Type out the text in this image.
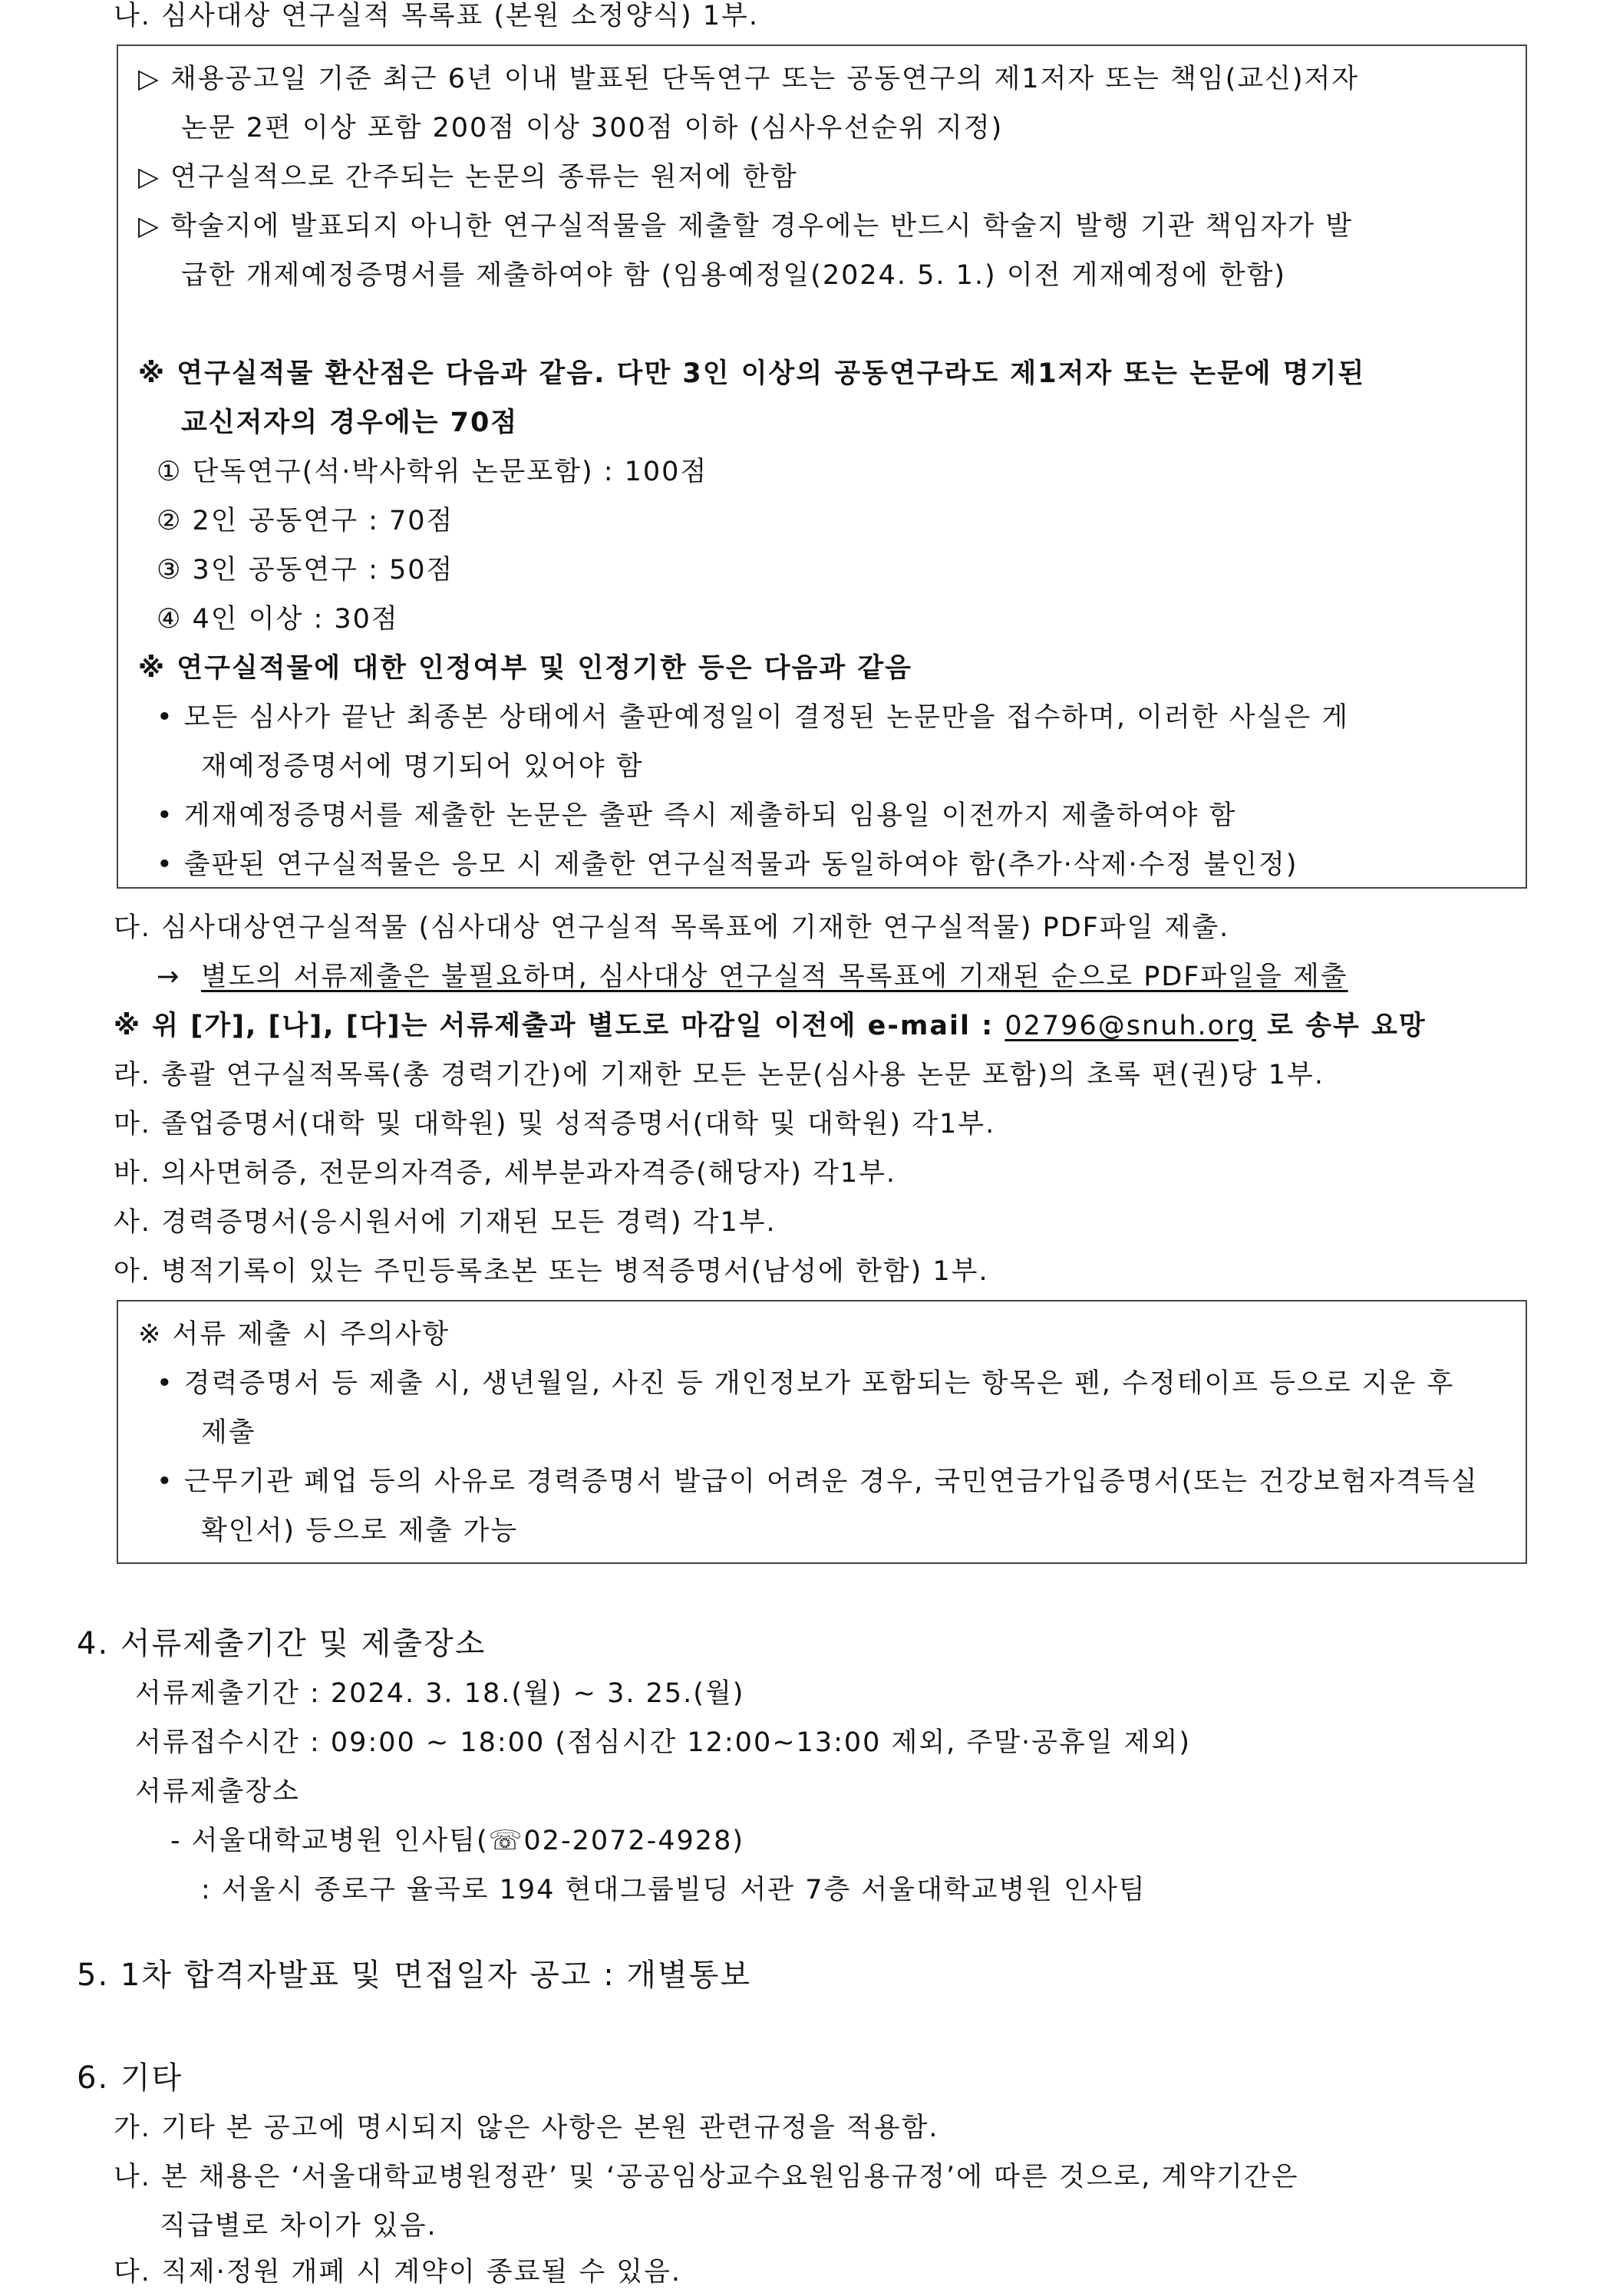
나. 심사대상 연구실적 목록표 (본원 소정양식) 1부.
▷ 채용공고일 기준 최근 6년 이내 발표된 단독연구 또는 공동연구의 제1저자 또는 책임(교신)저자
논문 2편 이상 포함 200점 이상 300점 이하 (심사우선순위 지정)
▷ 연구실적으로 간주되는 논문의 종류는 원저에 한함
▷ 학술지에 발표되지 아니한 연구실적물을 제출할 경우에는 반드시 학술지 발행 기관 책임자가 발
급한 개제예정증명서를 제출하여야 함 (임용예정일(2024. 5. 1.) 이전 게재예정에 한함)
※ 연구실적물 환산점은 다음과 같음. 다만 3인 이상의 공동연구라도 제1저자 또는 논문에 명기된
교신저자의 경우에는 70점
① 단독연구(석·박사학위 논문포함) : 100점
② 2인 공동연구 : 70점
③ 3인 공동연구 : 50점
④ 4인 이상 : 30점
※ 연구실적물에 대한 인정여부 및 인정기한 등은 다음과 같음
• 모든 심사가 끝난 최종본 상태에서 출판예정일이 결정된 논문만을 접수하며, 이러한 사실은 게
재예정증명서에 명기되어 있어야 함
• 게재예정증명서를 제출한 논문은 출판 즉시 제출하되 임용일 이전까지 제출하여야 함
• 출판된 연구실적물은 응모 시 제출한 연구실적물과 동일하여야 함(추가·삭제·수정 불인정)
다. 심사대상연구실적물 (심사대상 연구실적 목록표에 기재한 연구실적물) PDF파일 제출.
→ 별도의 서류제출은 불필요하며, 심사대상 연구실적 목록표에 기재된 순으로 PDF파일을 제출
※ 위 [가], [나], [다]는 서류제출과 별도로 마감일 이전에 e-mail : 02796@snuh.org 로 송부 요망
라. 총괄 연구실적목록(총 경력기간)에 기재한 모든 논문(심사용 논문 포함)의 초록 편(권)당 1부.
마. 졸업증명서(대학 및 대학원) 및 성적증명서(대학 및 대학원) 각1부.
바. 의사면허증, 전문의자격증, 세부분과자격증(해당자) 각1부.
사. 경력증명서(응시원서에 기재된 모든 경력) 각1부.
아. 병적기록이 있는 주민등록초본 또는 병적증명서(남성에 한함) 1부.
※ 서류 제출 시 주의사항
• 경력증명서 등 제출 시, 생년월일, 사진 등 개인정보가 포함되는 항목은 펜, 수정테이프 등으로 지운 후
제출
• 근무기관 폐업 등의 사유로 경력증명서 발급이 어려운 경우, 국민연금가입증명서(또는 건강보험자격득실
확인서) 등으로 제출 가능
4. 서류제출기간 및 제출장소
서류제출기간 : 2024. 3. 18.(월) ~ 3. 25.(월)
서류접수시간 : 09:00 ~ 18:00 (점심시간 12:00~13:00 제외, 주말·공휴일 제외)
서류제출장소
- 서울대학교병원 인사팀(☏02-2072-4928)
: 서울시 종로구 율곡로 194 현대그룹빌딩 서관 7층 서울대학교병원 인사팀
5. 1차 합격자발표 및 면접일자 공고 : 개별통보
6. 기타
가. 기타 본 공고에 명시되지 않은 사항은 본원 관련규정을 적용함.
나. 본 채용은 ‘서울대학교병원정관’ 및 ‘공공임상교수요원임용규정’에 따른 것으로, 계약기간은
직급별로 차이가 있음.
다. 직제·정원 개폐 시 계약이 종료될 수 있음.
